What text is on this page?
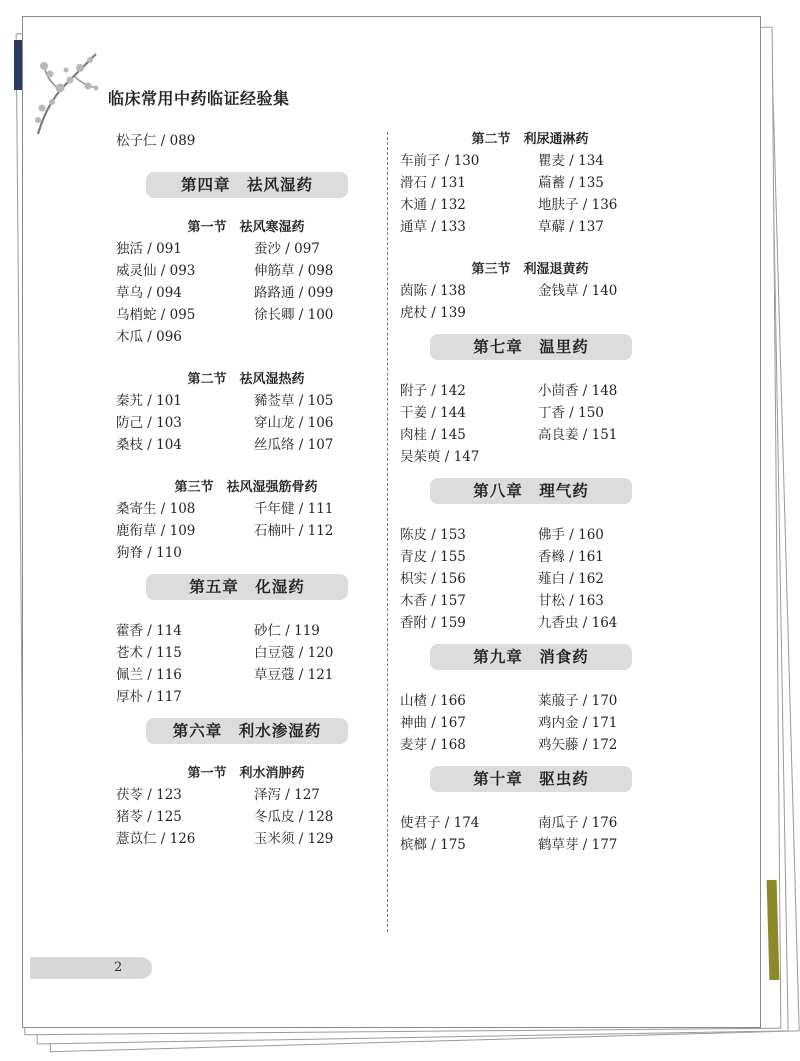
临床常用中药临证经验集
松子仁 / 089
第四章　祛风湿药
第一节　祛风寒湿药
独活 / 091	蚕沙 / 097
威灵仙 / 093	伸筋草 / 098
草乌 / 094	路路通 / 099
乌梢蛇 / 095	徐长卿 / 100
木瓜 / 096
第二节　祛风湿热药
秦艽 / 101	豨莶草 / 105
防己 / 103	穿山龙 / 106
桑枝 / 104	丝瓜络 / 107
第三节　祛风湿强筋骨药
桑寄生 / 108	千年健 / 111
鹿衔草 / 109	石楠叶 / 112
狗脊 / 110
第五章　化湿药
藿香 / 114	砂仁 / 119
苍术 / 115	白豆蔻 / 120
佩兰 / 116	草豆蔻 / 121
厚朴 / 117
第六章　利水渗湿药
第一节　利水消肿药
茯苓 / 123	泽泻 / 127
猪苓 / 125	冬瓜皮 / 128
薏苡仁 / 126	玉米须 / 129
第二节　利尿通淋药
车前子 / 130	瞿麦 / 134
滑石 / 131	萹蓄 / 135
木通 / 132	地肤子 / 136
通草 / 133	草薢 / 137
第三节　利湿退黄药
茵陈 / 138	金钱草 / 140
虎杖 / 139
第七章　温里药
附子 / 142	小茴香 / 148
干姜 / 144	丁香 / 150
肉桂 / 145	高良姜 / 151
吴茱萸 / 147
第八章　理气药
陈皮 / 153	佛手 / 160
青皮 / 155	香橼 / 161
枳实 / 156	薤白 / 162
木香 / 157	甘松 / 163
香附 / 159	九香虫 / 164
第九章　消食药
山楂 / 166	莱菔子 / 170
神曲 / 167	鸡内金 / 171
麦芽 / 168	鸡矢藤 / 172
第十章　驱虫药
使君子 / 174	南瓜子 / 176
槟榔 / 175	鹤草芽 / 177
2
